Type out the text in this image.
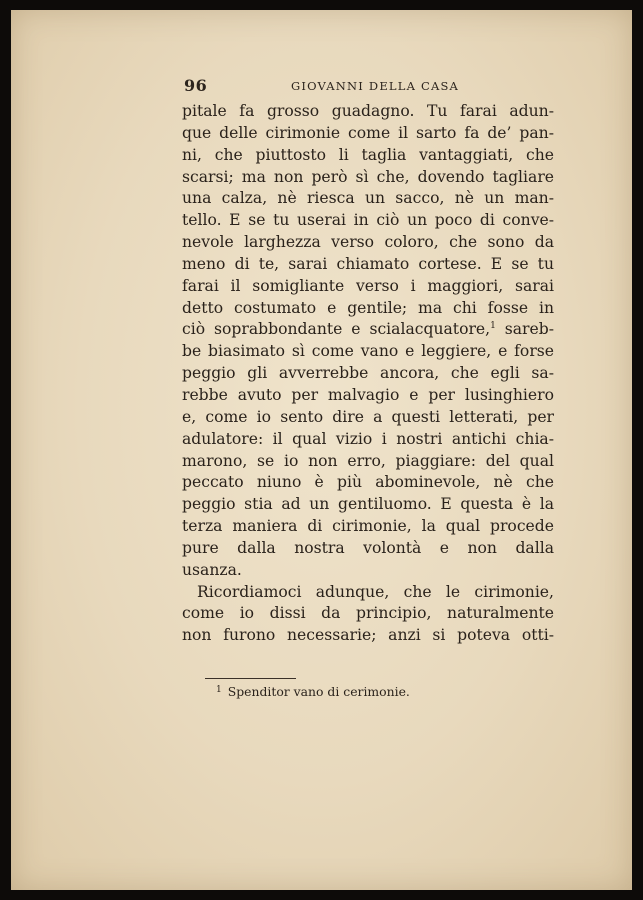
96	GIOVANNI DELLA CASA
pitale fa grosso guadagno. Tu farai adun-
que delle cirimonie come il sarto fa de’ pan-
ni, che piuttosto li taglia vantaggiati, che
scarsi; ma non però sì che, dovendo tagliare
una calza, nè riesca un sacco, nè un man-
tello. E se tu userai in ciò un poco di conve-
nevole larghezza verso coloro, che sono da
meno di te, sarai chiamato cortese. E se tu
farai il somigliante verso i maggiori, sarai
detto costumato e gentile; ma chi fosse in
ciò soprabbondante e scialacquatore,$^1$ sareb-
be biasimato sì come vano e leggiere, e forse
peggio gli avverrebbe ancora, che egli sa-
rebbe avuto per malvagio e per lusinghiero
e, come io sento dire a questi letterati, per
adulatore: il qual vizio i nostri antichi chia-
marono, se io non erro, piaggiare: del qual
peccato niuno è più abominevole, nè che
peggio stia ad un gentiluomo. E questa è la
terza maniera di cirimonie, la qual procede
pure dalla nostra volontà e non dalla
usanza.
Ricordiamoci adunque, che le cirimonie,
come io dissi da principio, naturalmente
non furono necessarie; anzi si poteva otti-
$^1$ Spenditor vano di cerimonie.
